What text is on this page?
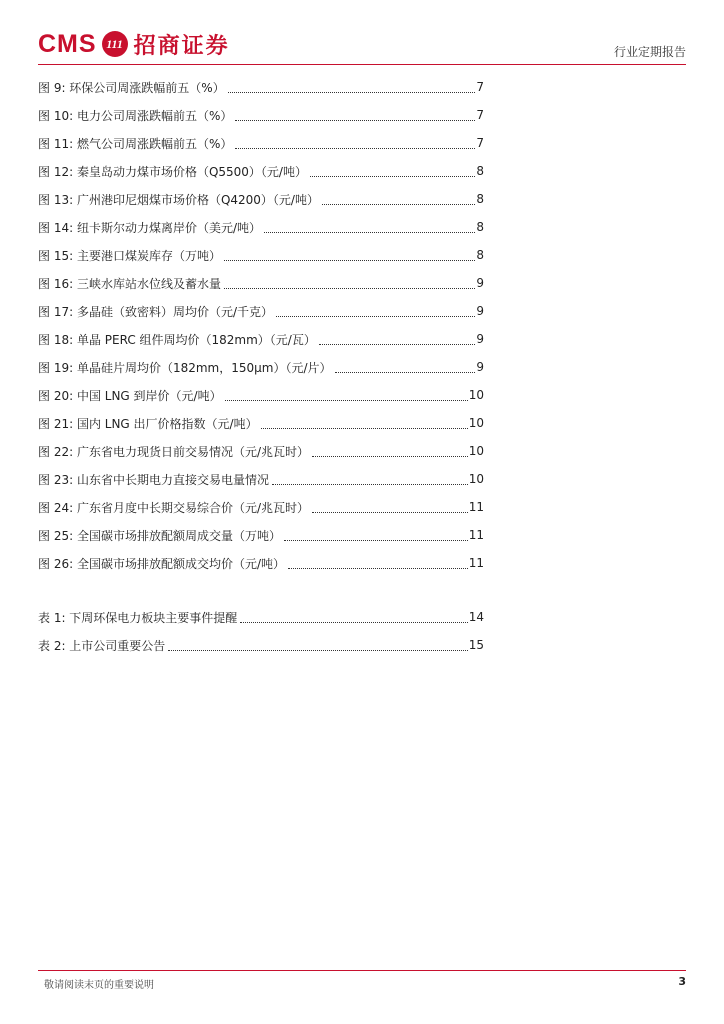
CMS 111 招商证券	行业定期报告
图 9: 环保公司周涨跌幅前五（%）	7
图 10: 电力公司周涨跌幅前五（%）	7
图 11: 燃气公司周涨跌幅前五（%）	7
图 12: 秦皇岛动力煤市场价格（Q5500）（元/吨）	8
图 13: 广州港印尼烟煤市场价格（Q4200）（元/吨）	8
图 14: 纽卡斯尔动力煤离岸价（美元/吨）	8
图 15: 主要港口煤炭库存（万吨）	8
图 16: 三峡水库站水位线及蓄水量	9
图 17: 多晶硅（致密料）周均价（元/千克）	9
图 18: 单晶 PERC 组件周均价（182mm）（元/瓦）	9
图 19: 单晶硅片周均价（182mm，150μm）（元/片）	9
图 20: 中国 LNG 到岸价（元/吨）	10
图 21: 国内 LNG 出厂价格指数（元/吨）	10
图 22: 广东省电力现货日前交易情况（元/兆瓦时）	10
图 23: 山东省中长期电力直接交易电量情况	10
图 24: 广东省月度中长期交易综合价（元/兆瓦时）	11
图 25: 全国碳市场排放配额周成交量（万吨）	11
图 26: 全国碳市场排放配额成交均价（元/吨）	11
表 1: 下周环保电力板块主要事件提醒	14
表 2: 上市公司重要公告	15
敬请阅读末页的重要说明	3
